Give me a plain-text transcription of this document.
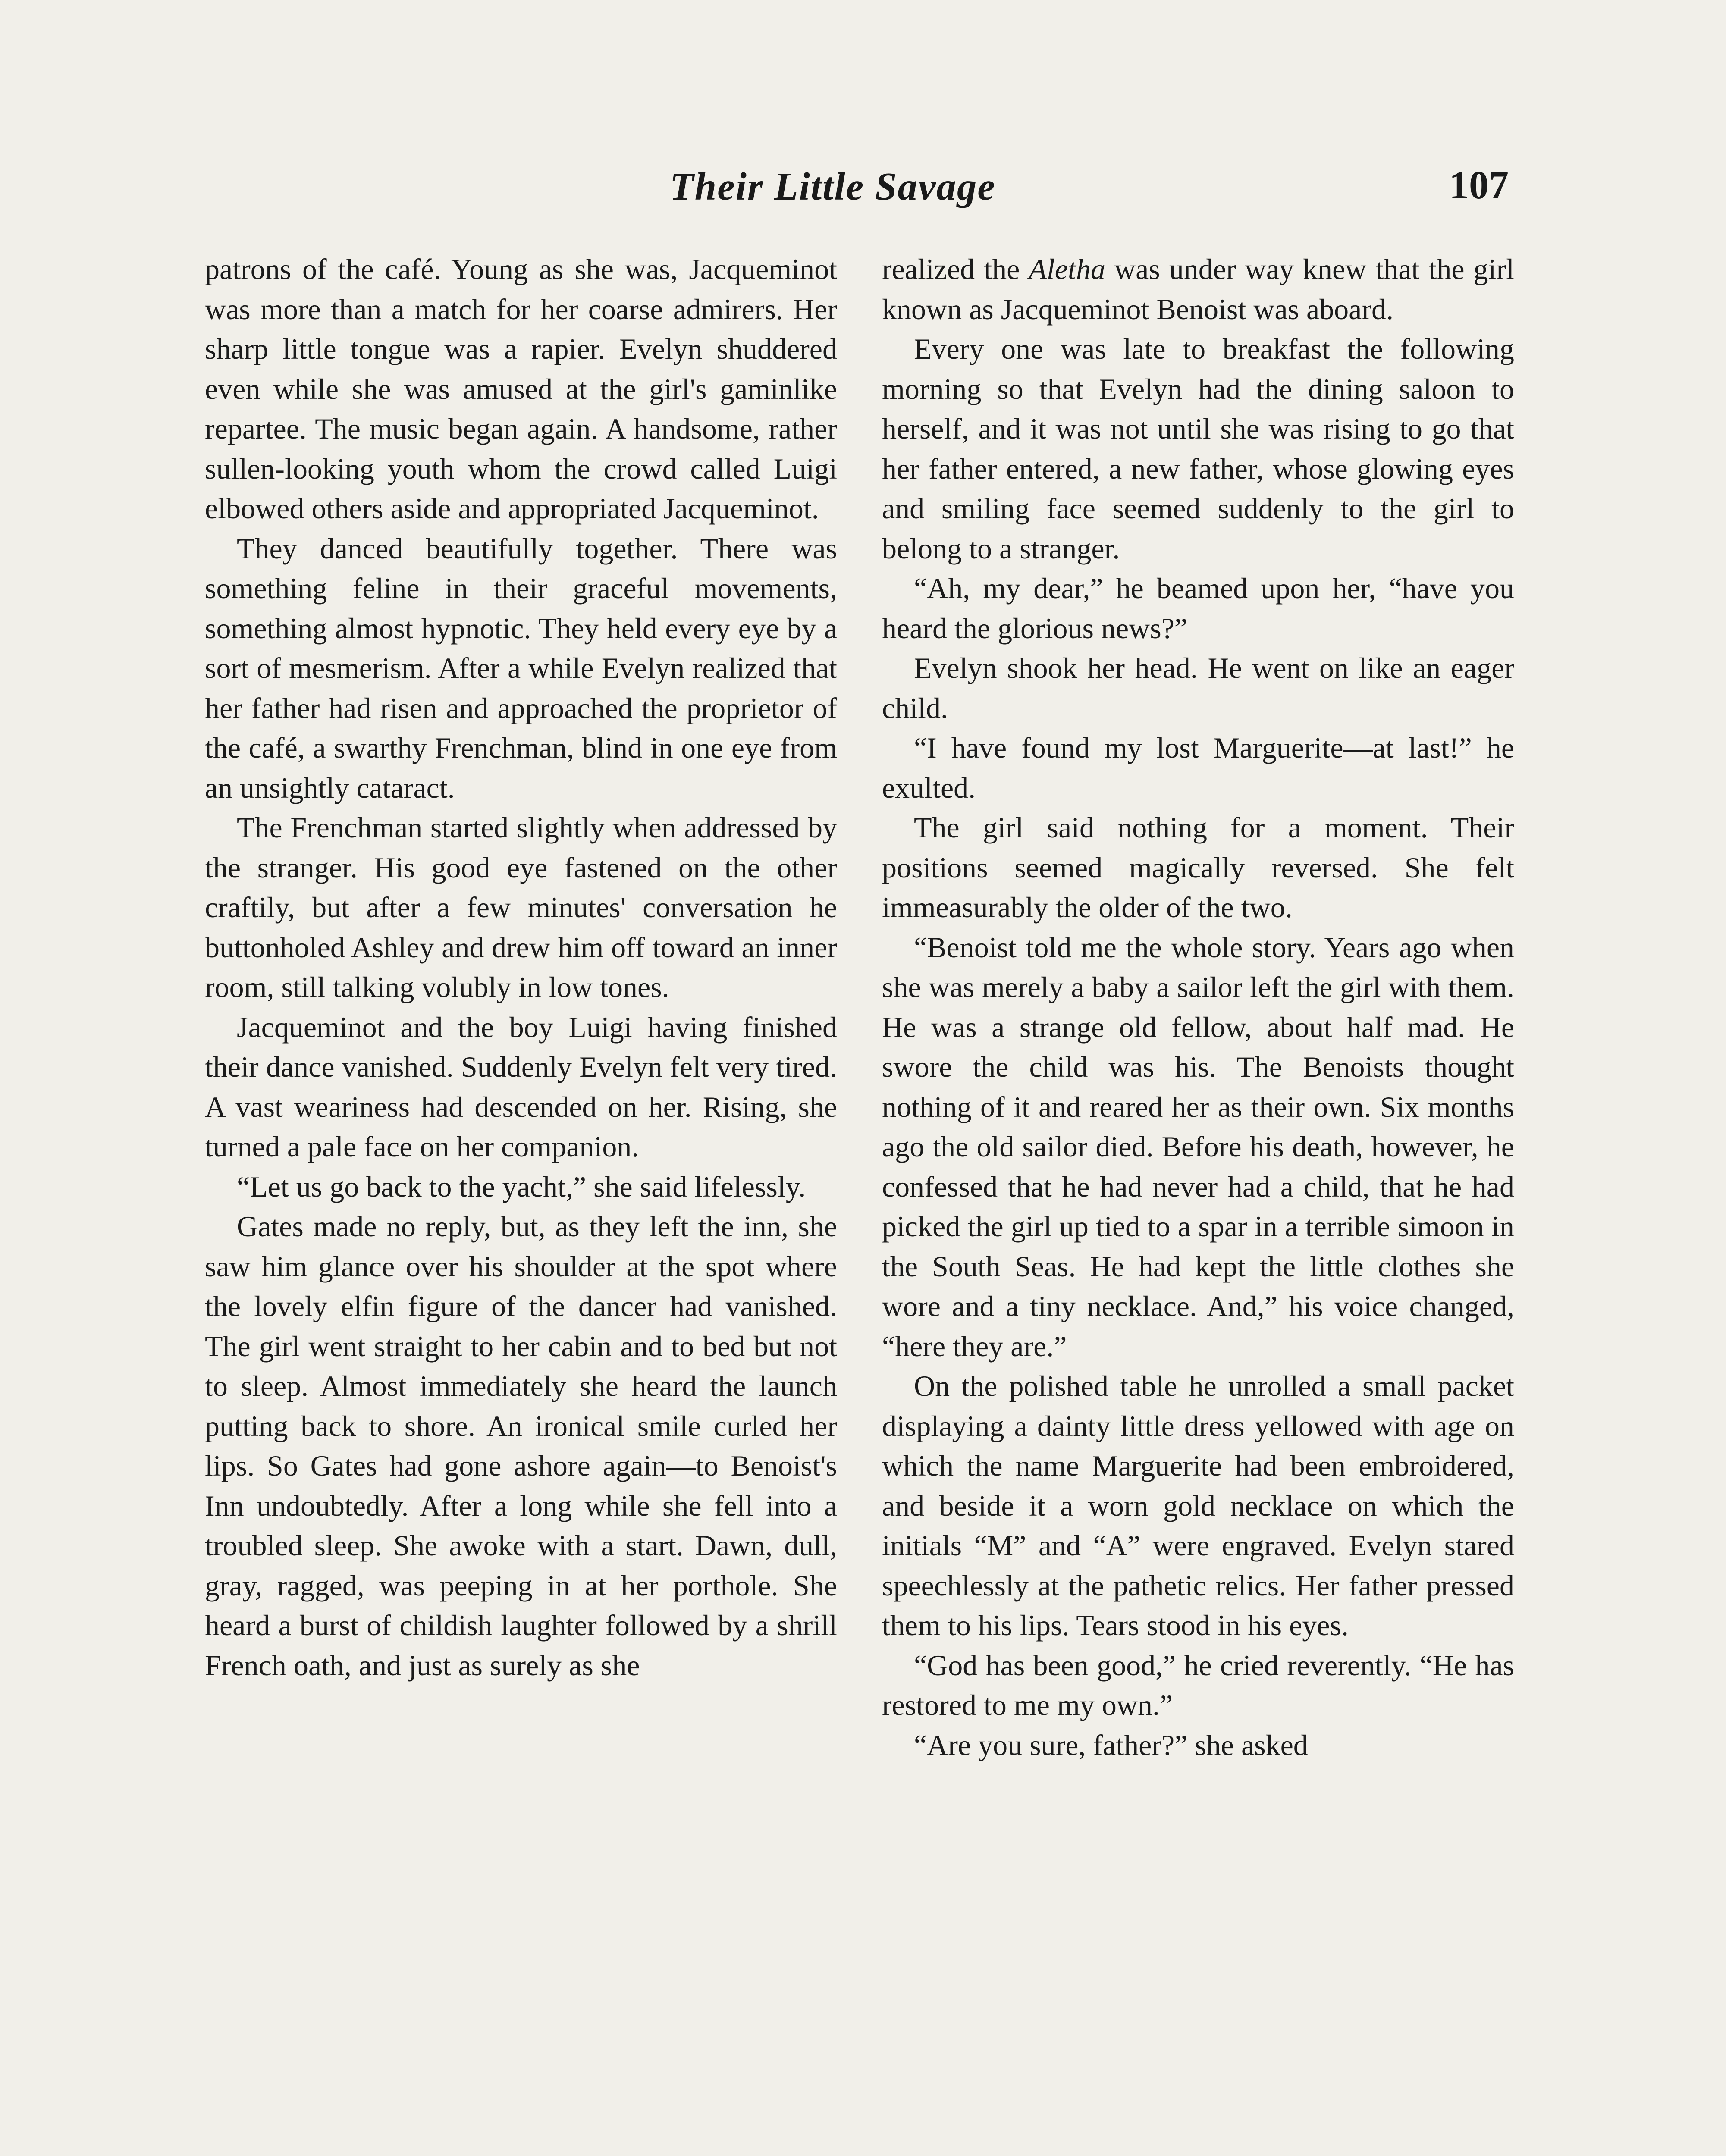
Their Little Savage	107

patrons of the café. Young as she was, Jacqueminot was more than a match for her coarse admirers. Her sharp little tongue was a rapier. Evelyn shuddered even while she was amused at the girl's gaminlike repartee. The music began again. A handsome, rather sullen-looking youth whom the crowd called Luigi elbowed others aside and appropriated Jacqueminot.

They danced beautifully together. There was something feline in their graceful movements, something almost hypnotic. They held every eye by a sort of mesmerism. After a while Evelyn realized that her father had risen and approached the proprietor of the café, a swarthy Frenchman, blind in one eye from an unsightly cataract.

The Frenchman started slightly when addressed by the stranger. His good eye fastened on the other craftily, but after a few minutes' conversation he buttonholed Ashley and drew him off toward an inner room, still talking volubly in low tones.

Jacqueminot and the boy Luigi having finished their dance vanished. Suddenly Evelyn felt very tired. A vast weariness had descended on her. Rising, she turned a pale face on her companion.

“Let us go back to the yacht,” she said lifelessly.

Gates made no reply, but, as they left the inn, she saw him glance over his shoulder at the spot where the lovely elfin figure of the dancer had vanished. The girl went straight to her cabin and to bed but not to sleep. Almost immediately she heard the launch putting back to shore. An ironical smile curled her lips. So Gates had gone ashore again—to Benoist's Inn undoubtedly. After a long while she fell into a troubled sleep. She awoke with a start. Dawn, dull, gray, ragged, was peeping in at her porthole. She heard a burst of childish laughter followed by a shrill French oath, and just as surely as she

realized the Aletha was under way knew that the girl known as Jacqueminot Benoist was aboard.

Every one was late to breakfast the following morning so that Evelyn had the dining saloon to herself, and it was not until she was rising to go that her father entered, a new father, whose glowing eyes and smiling face seemed suddenly to the girl to belong to a stranger.

“Ah, my dear,” he beamed upon her, “have you heard the glorious news?”

Evelyn shook her head. He went on like an eager child.

“I have found my lost Marguerite—at last!” he exulted.

The girl said nothing for a moment. Their positions seemed magically reversed. She felt immeasurably the older of the two.

“Benoist told me the whole story. Years ago when she was merely a baby a sailor left the girl with them. He was a strange old fellow, about half mad. He swore the child was his. The Benoists thought nothing of it and reared her as their own. Six months ago the old sailor died. Before his death, however, he confessed that he had never had a child, that he had picked the girl up tied to a spar in a terrible simoon in the South Seas. He had kept the little clothes she wore and a tiny necklace. And,” his voice changed, “here they are.”

On the polished table he unrolled a small packet displaying a dainty little dress yellowed with age on which the name Marguerite had been embroidered, and beside it a worn gold necklace on which the initials “M” and “A” were engraved. Evelyn stared speechlessly at the pathetic relics. Her father pressed them to his lips. Tears stood in his eyes.

“God has been good,” he cried reverently. “He has restored to me my own.”

“Are you sure, father?” she asked
